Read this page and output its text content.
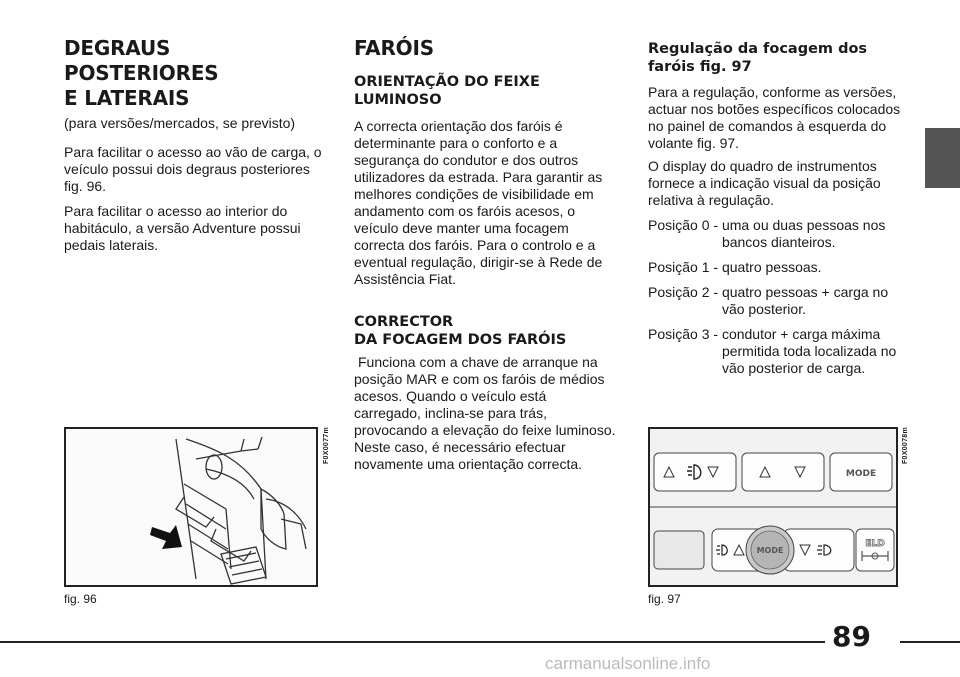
DEGRAUS
POSTERIORES
E LATERAIS

(para versões/mercados, se previsto)

Para facilitar o acesso ao vão de carga, o veículo possui dois degraus posteriores fig. 96.

Para facilitar o acesso ao interior do habitáculo, a versão Adventure possui pedais laterais.

FARÓIS
ORIENTAÇÃO DO FEIXE
LUMINOSO

A correcta orientação dos faróis é determinante para o conforto e a segurança do condutor e dos outros utilizadores da estrada. Para garantir as melhores condições de visibilidade em andamento com os faróis acesos, o veículo deve manter uma focagem correcta dos faróis. Para o controlo e a eventual regulação, dirigir-se à Rede de Assistência Fiat.

CORRECTOR
DA FOCAGEM DOS FARÓIS

Funciona com a chave de arranque na posição MAR e com os faróis de médios acesos. Quando o veículo está carregado, inclina-se para trás, provocando a elevação do feixe luminoso. Neste caso, é necessário efectuar novamente uma orientação correcta.

Regulação da focagem dos
faróis fig. 97

Para a regulação, conforme as versões, actuar nos botões específicos colocados no painel de comandos à esquerda do volante fig. 97.

O display do quadro de instrumentos fornece a indicação visual da posição relativa à regulação.

Posição 0 - uma ou duas pessoas nos bancos dianteiros.
Posição 1 - quatro pessoas.
Posição 2 - quatro pessoas + carga no vão posterior.
Posição 3 - condutor + carga máxima permitida toda localizada no vão posterior de carga.
F0X0077m
fig. 96
MODE
MODE
ELD
F0X0078m
fig. 97
89
carmanualsonline.info
